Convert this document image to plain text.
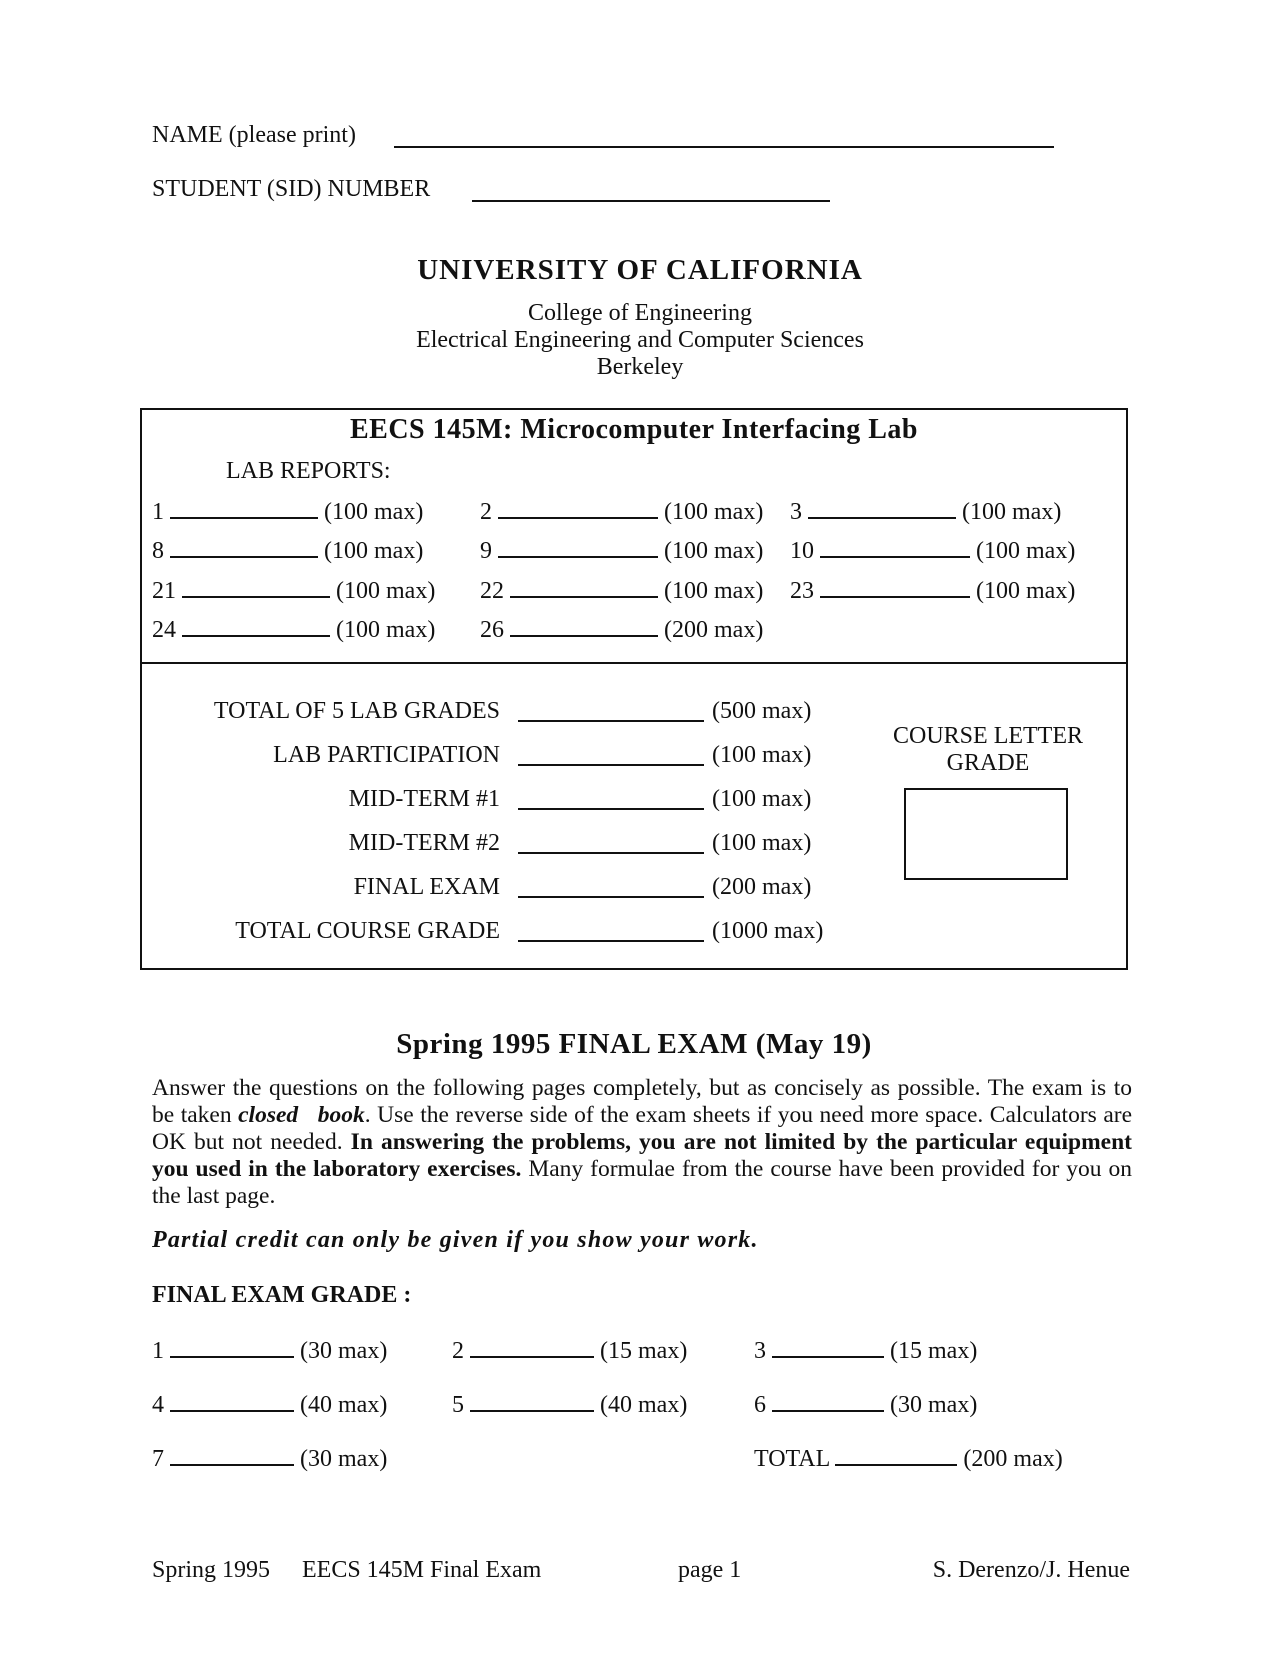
NAME (please print)
STUDENT (SID) NUMBER
UNIVERSITY OF CALIFORNIA
College of Engineering
Electrical Engineering and Computer Sciences
Berkeley
EECS 145M: Microcomputer Interfacing Lab
LAB REPORTS:
1	(100 max) 2	(100 max) 3	(100 max)
8	(100 max) 9	(100 max) 10	(100 max)
21	(100 max) 22	(100 max) 23	(100 max)
24	(100 max) 26	(200 max)
TOTAL OF 5 LAB GRADES	(500 max)
LAB PARTICIPATION	(100 max)
MID-TERM #1	(100 max)
MID-TERM #2	(100 max)
FINAL EXAM	(200 max)
TOTAL COURSE GRADE	(1000 max)
COURSE LETTER
GRADE
Spring 1995 FINAL EXAM (May 19)
Answer the questions on the following pages completely, but as concisely as possible. The exam is to be taken closed book. Use the reverse side of the exam sheets if you need more space. Calculators are OK but not needed. In answering the problems, you are not limited by the particular equipment you used in the laboratory exercises. Many formulae from the course have been provided for you on the last page.
Partial credit can only be given if you show your work.
FINAL EXAM GRADE :
1	(30 max)	2	(15 max)	3	(15 max)
4	(40 max)	5	(40 max)	6	(30 max)
7	(30 max)	TOTAL	(200 max)
Spring 1995 EECS 145M Final Exam	page 1	S. Derenzo/J. Henue
